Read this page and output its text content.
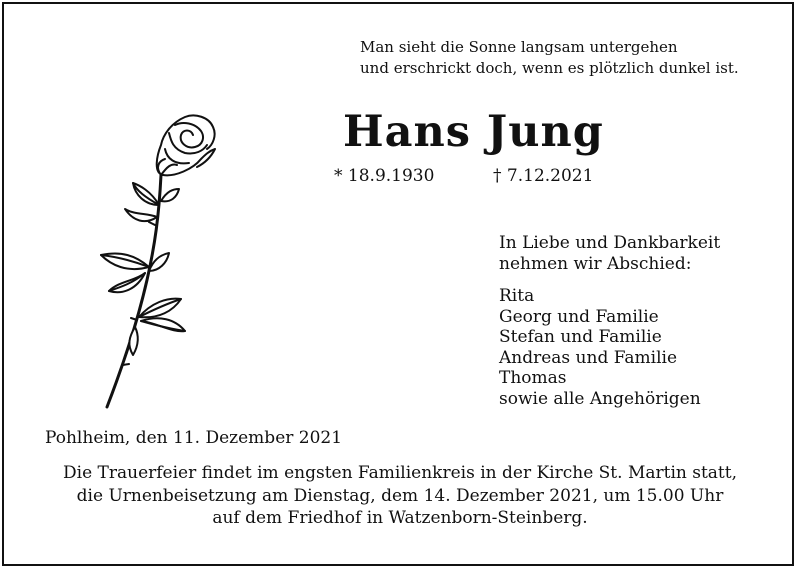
Man sieht die Sonne langsam untergehen
und erschrickt doch, wenn es plötzlich dunkel ist.
Hans Jung
* 18.9.1930	† 7.12.2021
In Liebe und Dankbarkeit
nehmen wir Abschied:
Rita
Georg und Familie
Stefan und Familie
Andreas und Familie
Thomas
sowie alle Angehörigen
Pohlheim, den 11. Dezember 2021
Die Trauerfeier findet im engsten Familienkreis in der Kirche St. Martin statt,
die Urnenbeisetzung am Dienstag, dem 14. Dezember 2021, um 15.00 Uhr
auf dem Friedhof in Watzenborn-Steinberg.
